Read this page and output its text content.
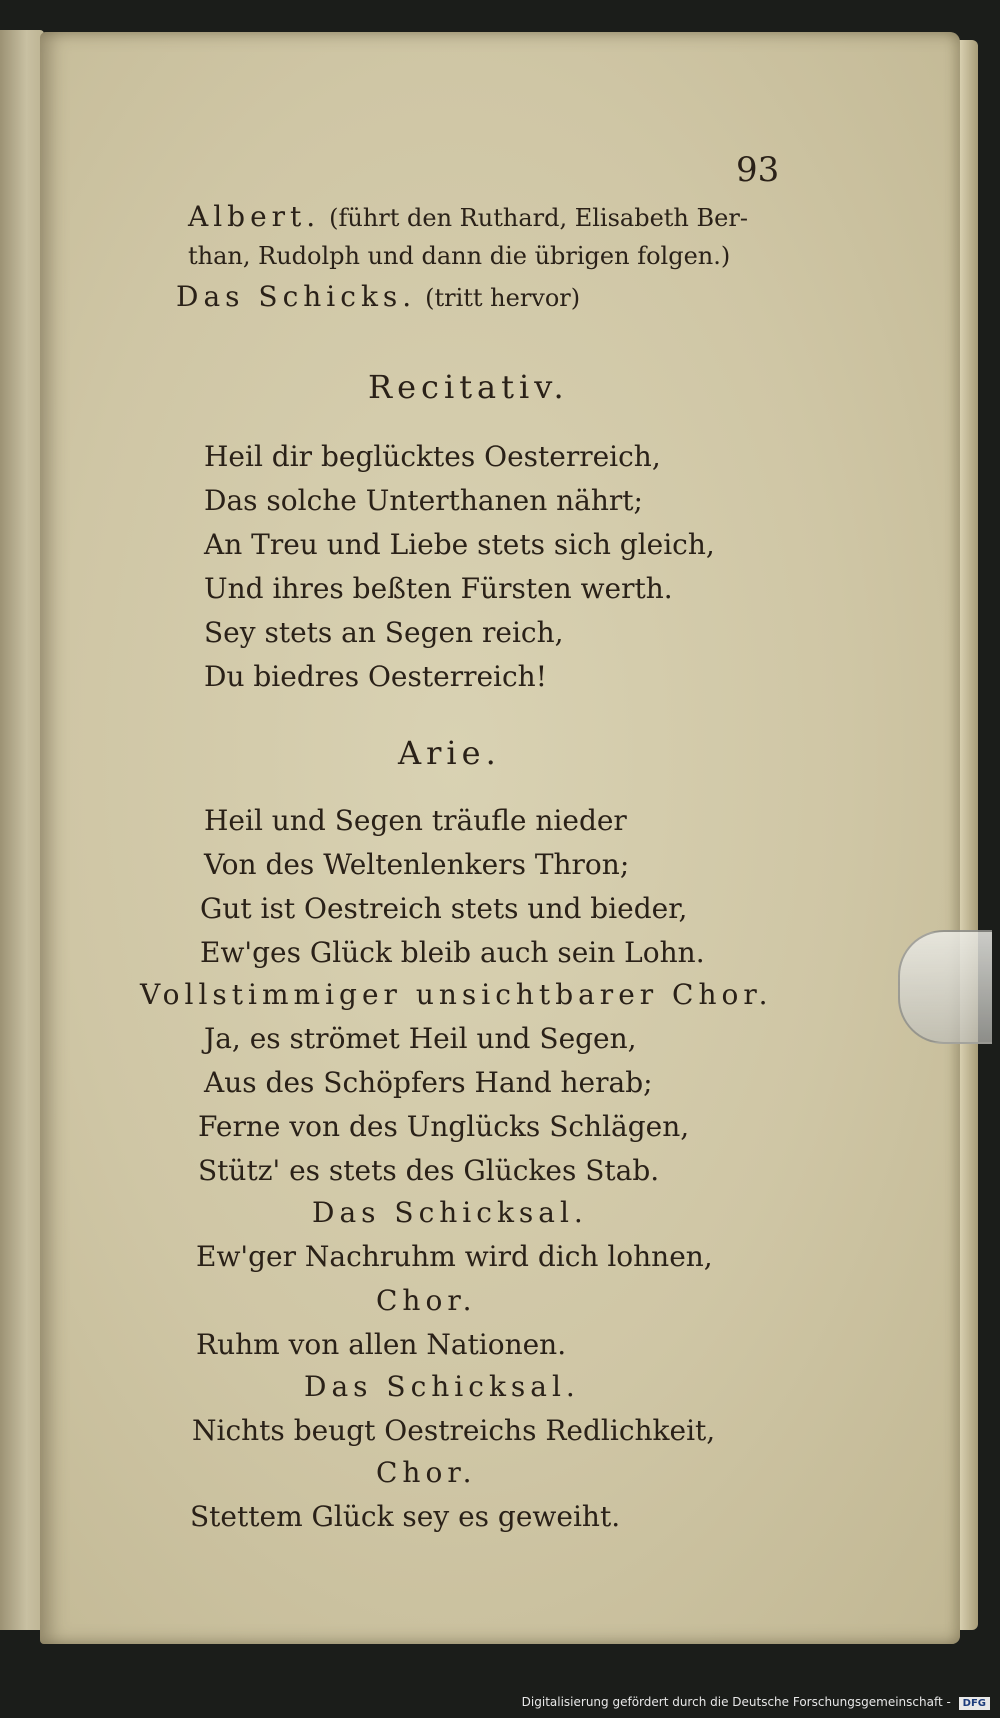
93
Albert. (führt den Ruthard, Elisabeth Ber-
than, Rudolph und dann die übrigen folgen.)
Das Schicks. (tritt hervor)
Recitativ.
Heil dir beglücktes Oesterreich,
Das solche Unterthanen nährt;
An Treu und Liebe stets sich gleich,
Und ihres beßten Fürsten werth.
Sey stets an Segen reich,
Du biedres Oesterreich!
Arie.
Heil und Segen träufle nieder
Von des Weltenlenkers Thron;
Gut ist Oestreich stets und bieder,
Ew'ges Glück bleib auch sein Lohn.
Vollstimmiger unsichtbarer Chor.
Ja, es strömet Heil und Segen,
Aus des Schöpfers Hand herab;
Ferne von des Unglücks Schlägen,
Stütz' es stets des Glückes Stab.
Das Schicksal.
Ew'ger Nachruhm wird dich lohnen,
Chor.
Ruhm von allen Nationen.
Das Schicksal.
Nichts beugt Oestreichs Redlichkeit,
Chor.
Stettem Glück sey es geweiht.
Digitalisierung gefördert durch die Deutsche Forschungsgemeinschaft - DFG
